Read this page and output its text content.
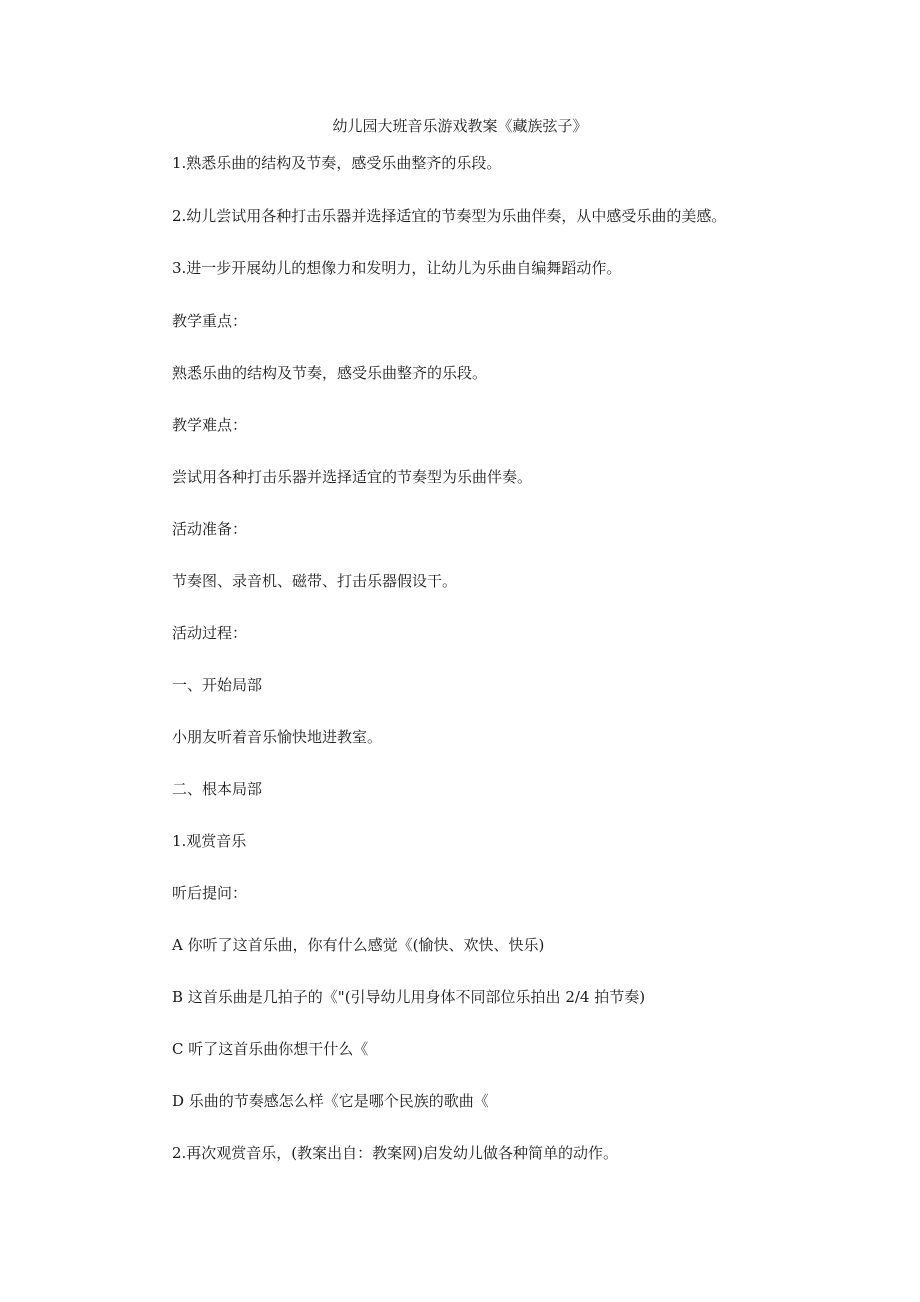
幼儿园大班音乐游戏教案《藏族弦子》

1.熟悉乐曲的结构及节奏，感受乐曲整齐的乐段。

2.幼儿尝试用各种打击乐器并选择适宜的节奏型为乐曲伴奏，从中感受乐曲的美感。

3.进一步开展幼儿的想像力和发明力，让幼儿为乐曲自编舞蹈动作。

教学重点：

熟悉乐曲的结构及节奏，感受乐曲整齐的乐段。

教学难点：

尝试用各种打击乐器并选择适宜的节奏型为乐曲伴奏。

活动准备：

节奏图、录音机、磁带、打击乐器假设干。

活动过程：

一、开始局部

小朋友听着音乐愉快地进教室。

二、根本局部

1.观赏音乐

听后提问：

A 你听了这首乐曲，你有什么感觉《(愉快、欢快、快乐)

B 这首乐曲是几拍子的《"(引导幼儿用身体不同部位乐拍出 2/4 拍节奏)

C 听了这首乐曲你想干什么《

D 乐曲的节奏感怎么样《它是哪个民族的歌曲《

2.再次观赏音乐，(教案出自：教案网)启发幼儿做各种简单的动作。
